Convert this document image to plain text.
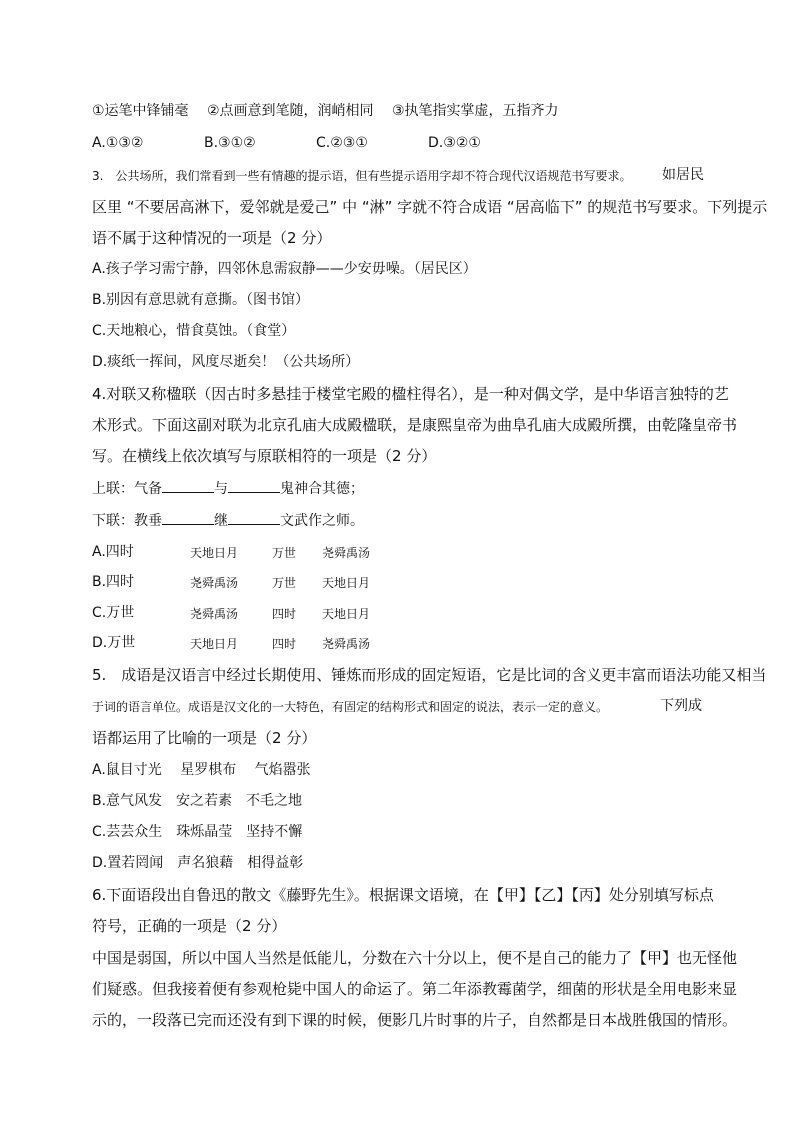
①运笔中锋铺毫　 ②点画意到笔随，润峭相同　 ③执笔指实掌虚，五指齐力
A.①③②	B.③①②	C.②③①	D.③②①
3.　公共场所，我们常看到一些有情趣的提示语，但有些提示语用字却不符合现代汉语规范书写要求。 如居民
区里 “不要居高淋下，爱邻就是爱己” 中 “淋” 字就不符合成语 “居高临下” 的规范书写要求。下列提示
语不属于这种情况的一项是（2 分）
A.孩子学习需宁静，四邻休息需寂静——少安毋噪。（居民区）
B.别因有意思就有意撕。（图书馆）
C.天地粮心，惜食莫蚀。（食堂）
D.痰纸一挥间，风度尽逝矣！（公共场所）
4.对联又称楹联（因古时多悬挂于楼堂宅殿的楹柱得名），是一种对偶文学，是中华语言独特的艺
术形式。下面这副对联为北京孔庙大成殿楹联，是康熙皇帝为曲阜孔庙大成殿所撰，由乾隆皇帝书
写。在横线上依次填写与原联相符的一项是（2 分）
上联：气备	与	鬼神合其德；
下联：教垂	继	文武作之师。
A.四时	天地日月	万世 尧舜禹汤
B.四时	尧舜禹汤	万世 天地日月
C.万世	尧舜禹汤	四时 天地日月
D.万世	天地日月	四时 尧舜禹汤
5.　成语是汉语言中经过长期使用、锤炼而形成的固定短语，它是比词的含义更丰富而语法功能又相当
于词的语言单位。成语是汉文化的一大特色，有固定的结构形式和固定的说法，表示一定的意义。	下列成
语都运用了比喻的一项是（2 分）
A.鼠目寸光　 星罗棋布　 气焰嚣张
B.意气风发　安之若素　不毛之地
C.芸芸众生　珠烁晶莹　坚持不懈
D.置若罔闻　声名狼藉　相得益彰
6.下面语段出自鲁迅的散文《藤野先生》。根据课文语境，在【甲】【乙】【丙】处分别填写标点
符号，正确的一项是（2 分）
中国是弱国，所以中国人当然是低能儿，分数在六十分以上，便不是自己的能力了【甲】也无怪他
们疑惑。但我接着便有参观枪毙中国人的命运了。第二年添教霉菌学，细菌的形状是全用电影来显
示的，一段落已完而还没有到下课的时候，便影几片时事的片子，自然都是日本战胜俄国的情形。
